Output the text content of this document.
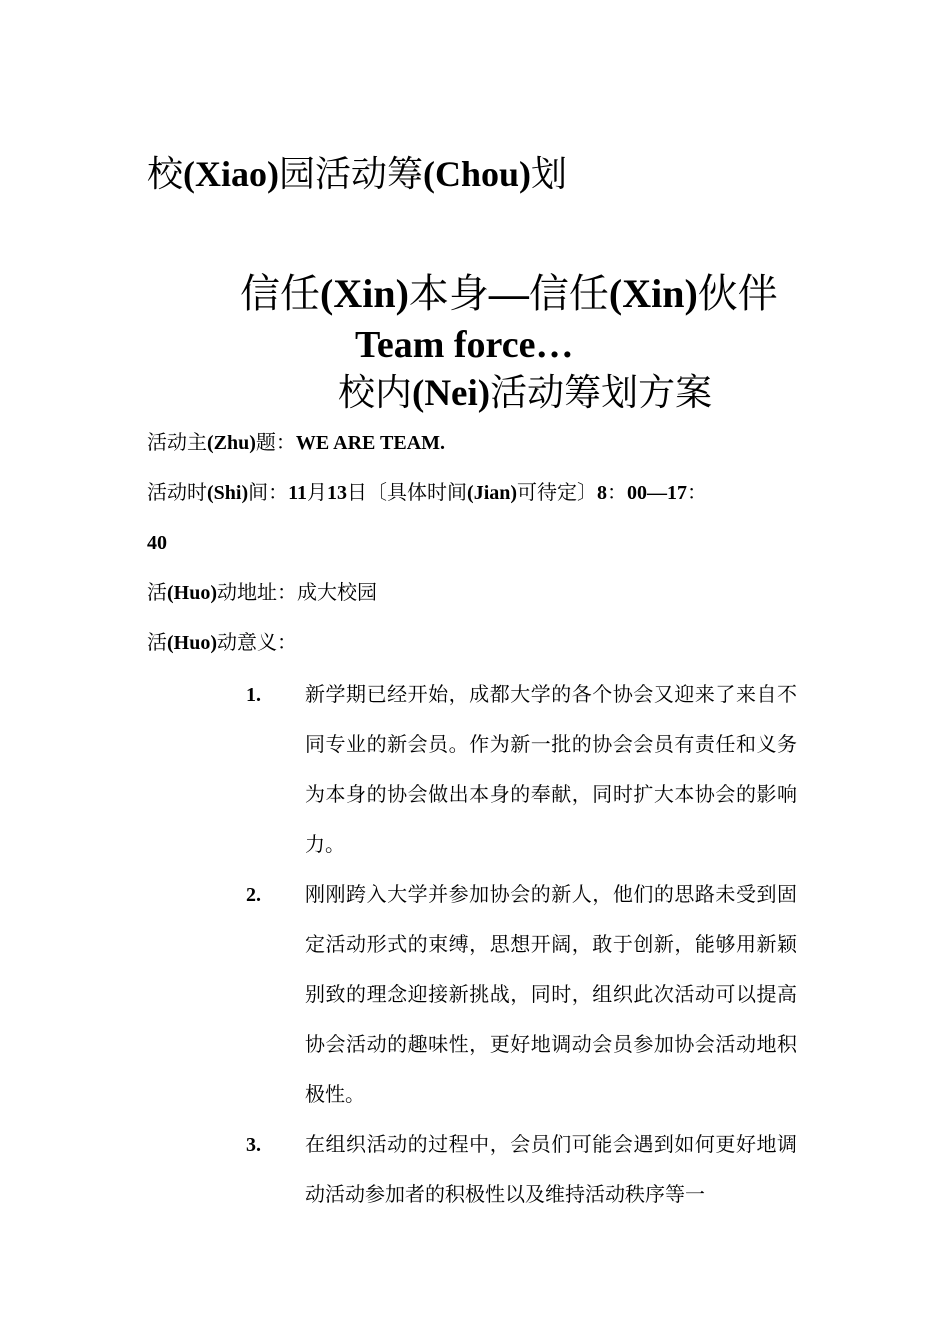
校(Xiao)园活动筹(Chou)划
信任(Xin)本身—信任(Xin)伙伴
Team force…
校内(Nei)活动筹划方案
活动主(Zhu)题：WE ARE TEAM.
活动时(Shi)间：11月13日〔具体时间(Jian)可待定〕8：00—17：
40
活(Huo)动地址：成大校园
活(Huo)动意义：
1. 新学期已经开始，成都大学的各个协会又迎来了来自不同专业的新会员。作为新一批的协会会员有责任和义务为本身的协会做出本身的奉献，同时扩大本协会的影响力。
2. 刚刚跨入大学并参加协会的新人，他们的思路未受到固定活动形式的束缚，思想开阔，敢于创新，能够用新颖别致的理念迎接新挑战，同时，组织此次活动可以提高协会活动的趣味性，更好地调动会员参加协会活动地积极性。
3. 在组织活动的过程中，会员们可能会遇到如何更好地调动活动参加者的积极性以及维持活动秩序等一
